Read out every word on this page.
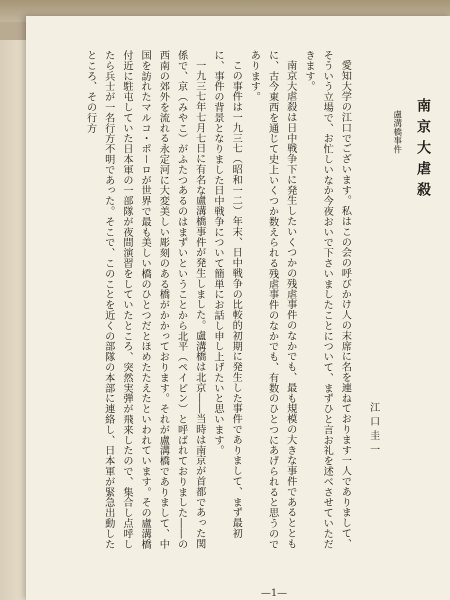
南京大虐殺
盧溝橋事件
江口圭一

愛知大学の江口でございます。私はこの会の呼びかけ人の末席に名を連ねております一人でありまして、そういう立場で、お忙しいなか今夜おいで下さいましたことについて、まずひと言お礼を述べさせていただきます。

南京大虐殺は日中戦争下に発生したいくつかの残虐事件のなかでも、最も規模の大きな事件であるとともに、古今東西を通じて史上いくつか数えられる残虐事件のなかでも、有数のひとつにあげられると思うのであります。

この事件は一九三七（昭和一二）年末、日中戦争の比較的初期に発生した事件でありまして、まず最初に、事件の背景となりました日中戦争について簡単にお話し申し上げたいと思います。

一九三七年七月七日に有名な盧溝橋事件が発生しました。盧溝橋は北京――当時は南京が首都であった関係で、京（みやこ）がふたつあるのはまずいということから北平（ペイピン）と呼ばれておりました――の西南の郊外を流れる永定河に大変美しい彫刻のある橋がかかっております。それが盧溝橋でありまして、中国を訪れたマルコ・ポーロが世界で最も美しい橋のひとつだとほめたたえたといわれています。その盧溝橋付近に駐屯していた日本軍の一部隊が夜間演習をしていたところ、突然実弾が飛来したので、集合し点呼したら兵士が一名行方不明であった。そこで、このことを近くの部隊の本部に連絡し、日本軍が緊急出動したところ、その行方

—1—
